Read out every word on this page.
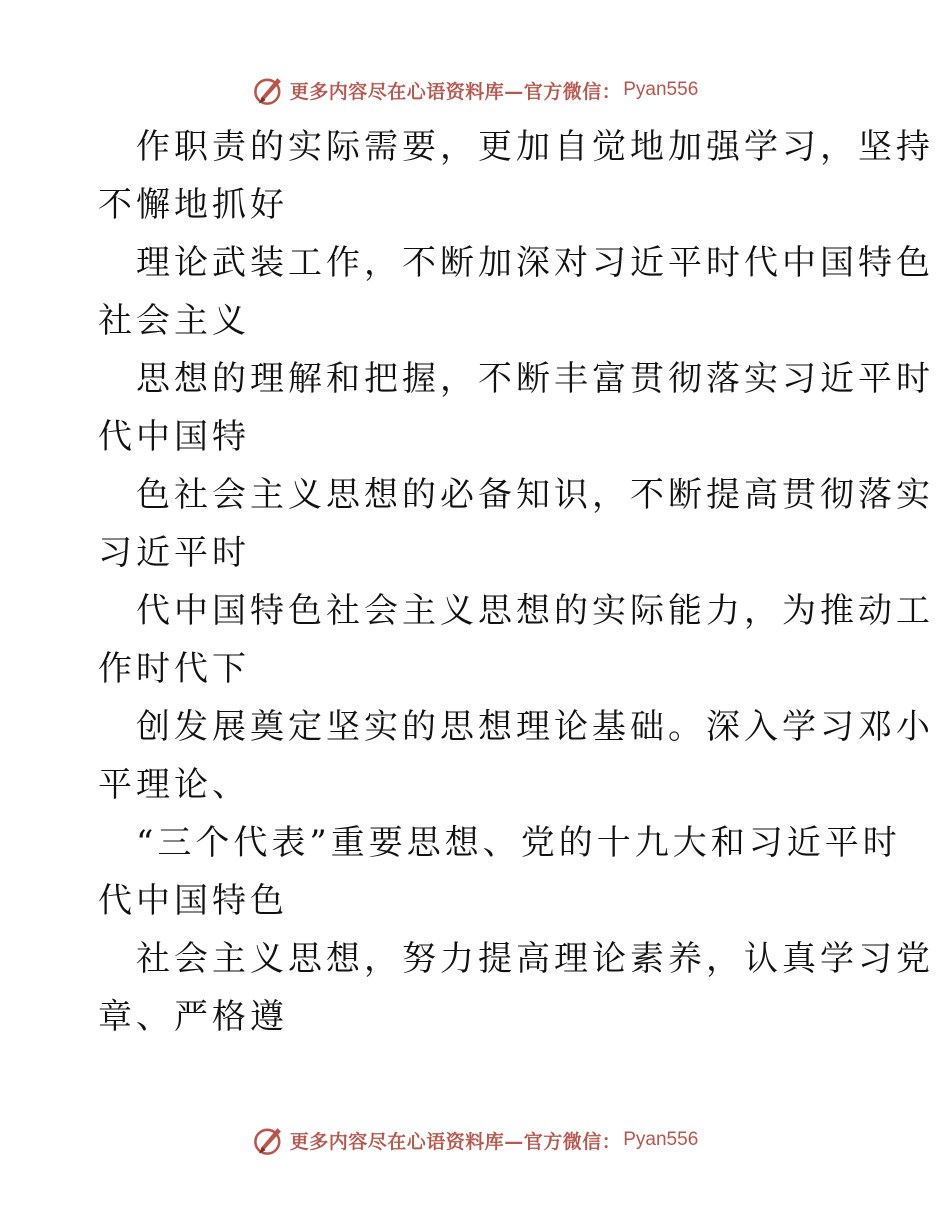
更多内容尽在心语资料库—官方微信： Pyan556
作职责的实际需要，更加自觉地加强学习，坚持
不懈地抓好
理论武装工作，不断加深对习近平时代中国特色
社会主义
思想的理解和把握，不断丰富贯彻落实习近平时
代中国特
色社会主义思想的必备知识，不断提高贯彻落实
习近平时
代中国特色社会主义思想的实际能力，为推动工
作时代下
创发展奠定坚实的思想理论基础。深入学习邓小
平理论、
“三个代表”重要思想、党的十九大和习近平时
代中国特色
社会主义思想，努力提高理论素养，认真学习党
章、严格遵
更多内容尽在心语资料库—官方微信： Pyan556
